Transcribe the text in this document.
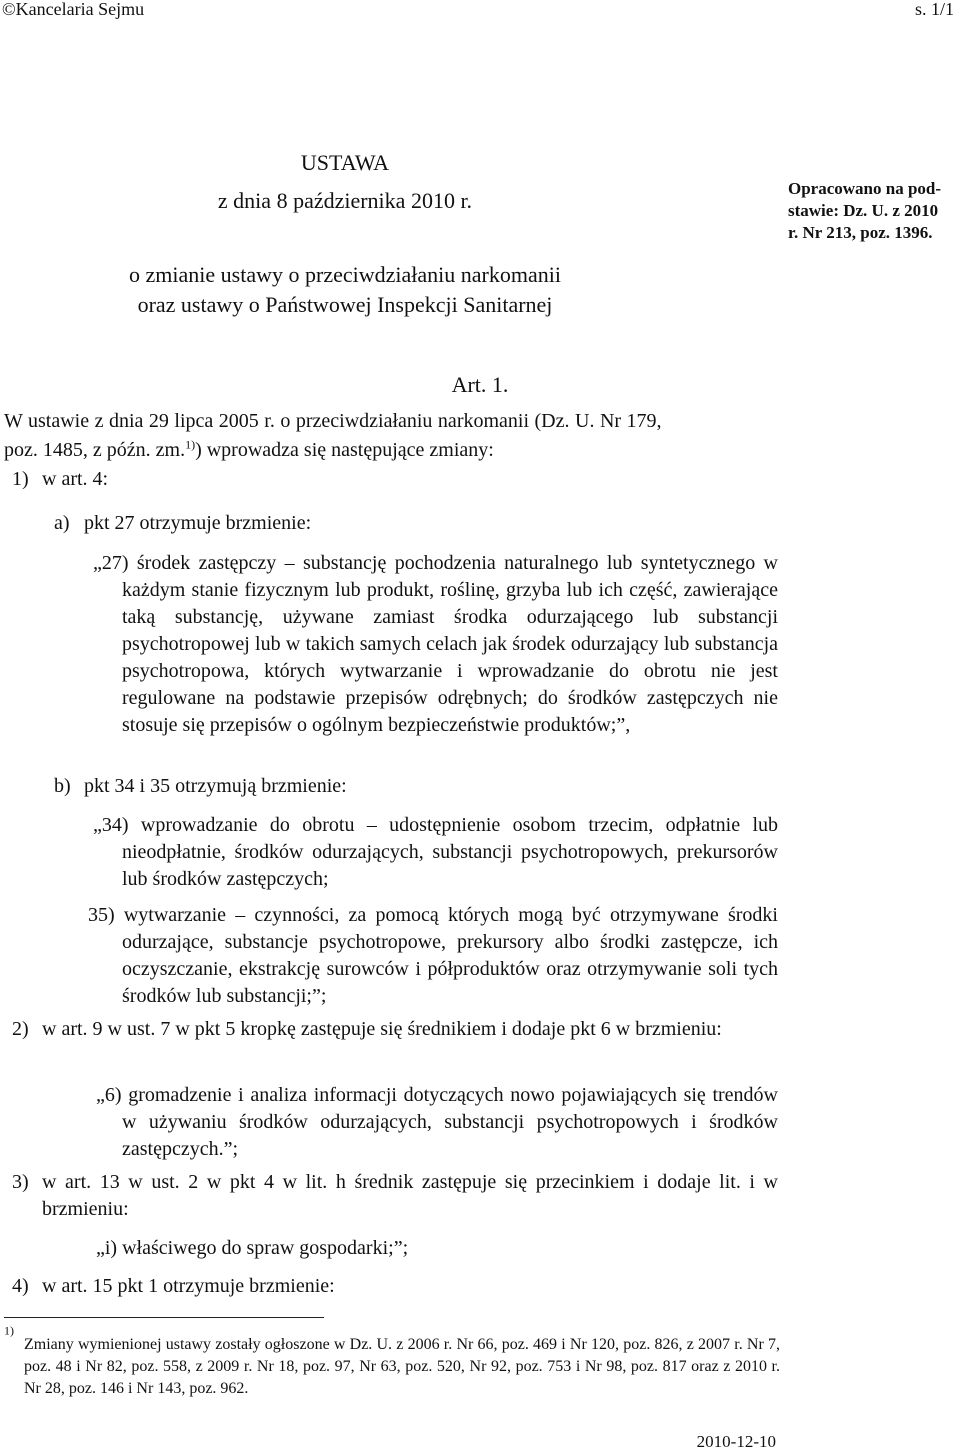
©Kancelaria Sejmu	s. 1/1
USTAWA
z dnia 8 października 2010 r.
o zmianie ustawy o przeciwdziałaniu narkomanii
oraz ustawy o Państwowej Inspekcji Sanitarnej
Opracowano na pod-
stawie: Dz. U. z 2010
r. Nr 213, poz. 1396.
Art. 1.
W ustawie z dnia 29 lipca 2005 r. o przeciwdziałaniu narkomanii (Dz. U. Nr 179,
poz. 1485, z późn. zm.$^{1)}$) wprowadza się następujące zmiany:
1) w art. 4:
a) pkt 27 otrzymuje brzmienie:
„27) środek zastępczy – substancję pochodzenia naturalnego lub syntetycznego w każdym stanie fizycznym lub produkt, roślinę, grzyba lub ich część, zawierające taką substancję, używane zamiast środka odurzającego lub substancji psychotropowej lub w takich samych celach jak środek odurzający lub substancja psychotropowa, których wytwarzanie i wprowadzanie do obrotu nie jest regulowane na podstawie przepisów odrębnych; do środków zastępczych nie stosuje się przepisów o ogólnym bezpieczeństwie produktów;”,
b) pkt 34 i 35 otrzymują brzmienie:
„34) wprowadzanie do obrotu – udostępnienie osobom trzecim, odpłatnie lub nieodpłatnie, środków odurzających, substancji psychotropowych, prekursorów lub środków zastępczych;
35) wytwarzanie – czynności, za pomocą których mogą być otrzymywane środki odurzające, substancje psychotropowe, prekursory albo środki zastępcze, ich oczyszczanie, ekstrakcję surowców i półproduktów oraz otrzymywanie soli tych środków lub substancji;”;
2) w art. 9 w ust. 7 w pkt 5 kropkę zastępuje się średnikiem i dodaje pkt 6 w brzmieniu:
„6) gromadzenie i analiza informacji dotyczących nowo pojawiających się trendów w używaniu środków odurzających, substancji psychotropowych i środków zastępczych.”;
3) w art. 13 w ust. 2 w pkt 4 w lit. h średnik zastępuje się przecinkiem i dodaje lit. i w brzmieniu:
„i) właściwego do spraw gospodarki;”;
4) w art. 15 pkt 1 otrzymuje brzmienie:
$^{1)}$
Zmiany wymienionej ustawy zostały ogłoszone w Dz. U. z 2006 r. Nr 66, poz. 469 i Nr 120, poz. 826, z 2007 r. Nr 7, poz. 48 i Nr 82, poz. 558, z 2009 r. Nr 18, poz. 97, Nr 63, poz. 520, Nr 92, poz. 753 i Nr 98, poz. 817 oraz z 2010 r. Nr 28, poz. 146 i Nr 143, poz. 962.
2010-12-10
